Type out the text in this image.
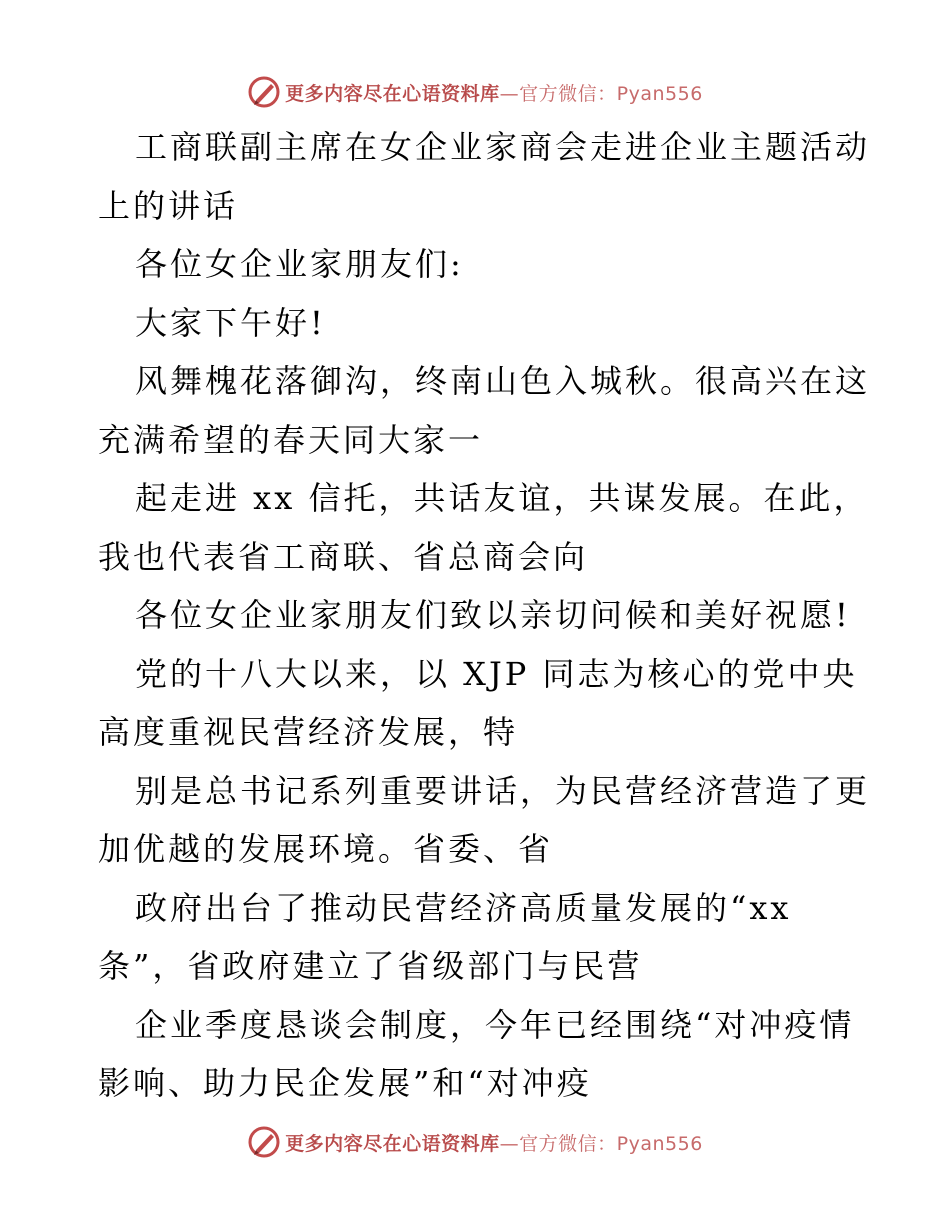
更多内容尽在心语资料库—官方微信：Pyan556
工商联副主席在女企业家商会走进企业主题活动
上的讲话
各位女企业家朋友们:
大家下午好!
风舞槐花落御沟，终南山色入城秋。很高兴在这
充满希望的春天同大家一
起走进 xx 信托，共话友谊，共谋发展。在此，
我也代表省工商联、省总商会向
各位女企业家朋友们致以亲切问候和美好祝愿!
党的十八大以来，以 XJP 同志为核心的党中央
高度重视民营经济发展，特
别是总书记系列重要讲话，为民营经济营造了更
加优越的发展环境。省委、省
政府出台了推动民营经济高质量发展的“xx
条”，省政府建立了省级部门与民营
企业季度恳谈会制度，今年已经围绕“对冲疫情
影响、助力民企发展”和“对冲疫
更多内容尽在心语资料库—官方微信：Pyan556
